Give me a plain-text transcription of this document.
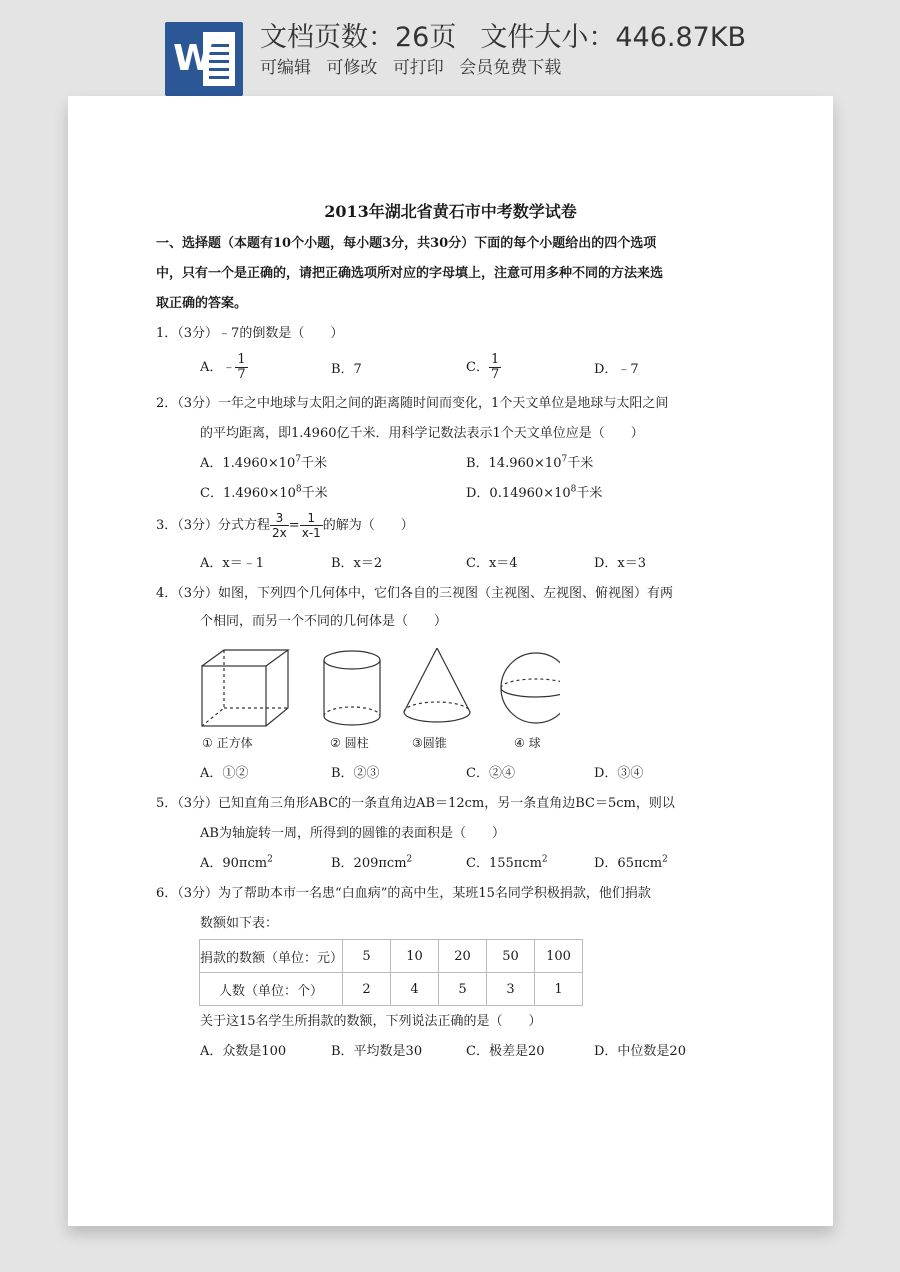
W
文档页数：26页 文件大小：446.87KB
可编辑 可修改 可打印 会员免费下载
2013年湖北省黄石市中考数学试卷
一、选择题（本题有10个小题，每小题3分，共30分）下面的每个小题给出的四个选项
中，只有一个是正确的，请把正确选项所对应的字母填上，注意可用多种不同的方法来选
取正确的答案。
1．（3分）﹣7的倒数是（　　）
A．﹣ $\frac{1}{7}$	B．7	C． $\frac{1}{7}$	D．﹣7
2．（3分）一年之中地球与太阳之间的距离随时间而变化，1个天文单位是地球与太阳之间
的平均距离，即1.4960亿千米．用科学记数法表示1个天文单位应是（　　）
A．$1.4960\times 10^7$千米	B．$14.960\times 10^7$千米
C．$1.4960\times 10^8$千米	D．$0.14960\times 10^8$千米
3．（3分）分式方程 $\frac{3}{2x} = \frac{1}{x-1}$ 的解为（　　）
A．x＝﹣1	B．x＝2	C．x＝4	D．x＝3
4．（3分）如图，下列四个几何体中，它们各自的三视图（主视图、左视图、俯视图）有两
个相同，而另一个不同的几何体是（　　）
① 正方体	② 圆柱	③圆锥	④ 球
A．①②	B．②③	C．②④	D．③④
5．（3分）已知直角三角形ABC的一条直角边AB＝12cm，另一条直角边BC＝5cm，则以
AB为轴旋转一周，所得到的圆锥的表面积是（　　）
A．90πcm$^2$	B．209πcm$^2$	C．155πcm$^2$	D．65πcm$^2$
6．（3分）为了帮助本市一名患“白血病”的高中生，某班15名同学积极捐款，他们捐款
数额如下表：
捐款的数额（单位：元）	5	10	20	50	100
人数（单位：个）	2	4	5	3	1
关于这15名学生所捐款的数额，下列说法正确的是（　　）
A．众数是100	B．平均数是30	C．极差是20	D．中位数是20
